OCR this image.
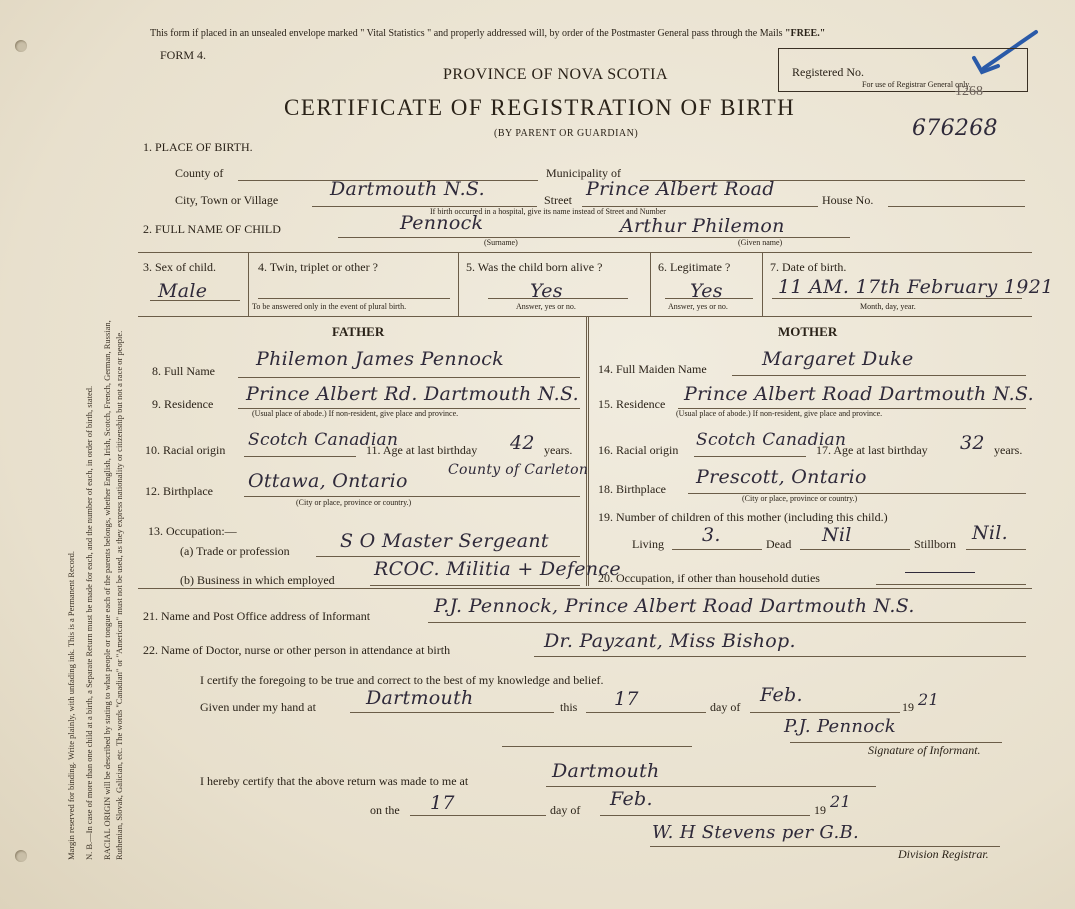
Margin reserved for binding. Write plainly, with unfading ink. This is a Permanent Record. N. B.—In case of more than one child at a birth, a Separate Return must be made for each, and the number of each, in order of birth, stated. RACIAL ORIGIN will be described by stating to what people or tongue each of the parents belongs, whether English, Irish, Scotch, French, German, Russian, Ruthenian, Slovak, Galician, etc. The words "Canadian" or "American" must not be used, as they express nationality or citizenship but not a race or people.
This form if placed in an unsealed envelope marked " Vital Statistics " and properly addressed will, by order of the Postmaster General pass through the Mails "FREE."
FORM 4.
PROVINCE OF NOVA SCOTIA	Registered No.
For use of Registrar General only.
1268
CERTIFICATE OF REGISTRATION OF BIRTH
(BY PARENT OR GUARDIAN)	676268
1. PLACE OF BIRTH.
County of	Municipality of
City, Town or Village	Dartmouth N.S.	Street Prince Albert Road	House No.
If birth occurred in a hospital, give its name instead of Street and Number
2. FULL NAME OF CHILD	Pennock	Arthur Philemon
(Surname)	(Given name)
3. Sex of child.
Male
4. Twin, triplet or other ?
To be answered only in the event of plural birth.
5. Was the child born alive ?
Yes
Answer, yes or no.
6. Legitimate ?
Yes
Answer, yes or no.
7. Date of birth.
11 AM. 17th February 1921
Month, day, year.
FATHER	MOTHER
8. Full Name
Philemon James Pennock
9. Residence Prince Albert Rd. Dartmouth N.S.
(Usual place of abode.) If non-resident, give place and province.
10. Racial origin Scotch Canadian
11. Age at last birthday 42 years.
12. Birthplace Ottawa, Ontario	County of Carleton
(City or place, province or country.)
13. Occupation:—
(a) Trade or profession	S O Master Sergeant
(b) Business in which employed RCOC. Militia + Defence
14. Full Maiden Name	Margaret Duke
15. Residence Prince Albert Road Dartmouth N.S.
(Usual place of abode.) If non-resident, give place and province.
16. Racial origin Scotch Canadian
17. Age at last birthday 32 years.
18. Birthplace
Prescott, Ontario
(City or place, province or country.)
19. Number of children of this mother (including this child.)
Living 3.	Dead Nil	Stillborn Nil.
20. Occupation, if other than household duties
21. Name and Post Office address of Informant	P.J. Pennock, Prince Albert Road Dartmouth N.S.
22. Name of Doctor, nurse or other person in attendance at birth	Dr. Payzant, Miss Bishop.
I certify the foregoing to be true and correct to the best of my knowledge and belief.
Given under my hand at	Dartmouth	this 17	day of
Feb.
19 21
P.J. Pennock
Signature of Informant.
I hereby certify that the above return was made to me at	Dartmouth
on the 17	day of Feb.	19 21
W. H Stevens per G.B.
Division Registrar.
